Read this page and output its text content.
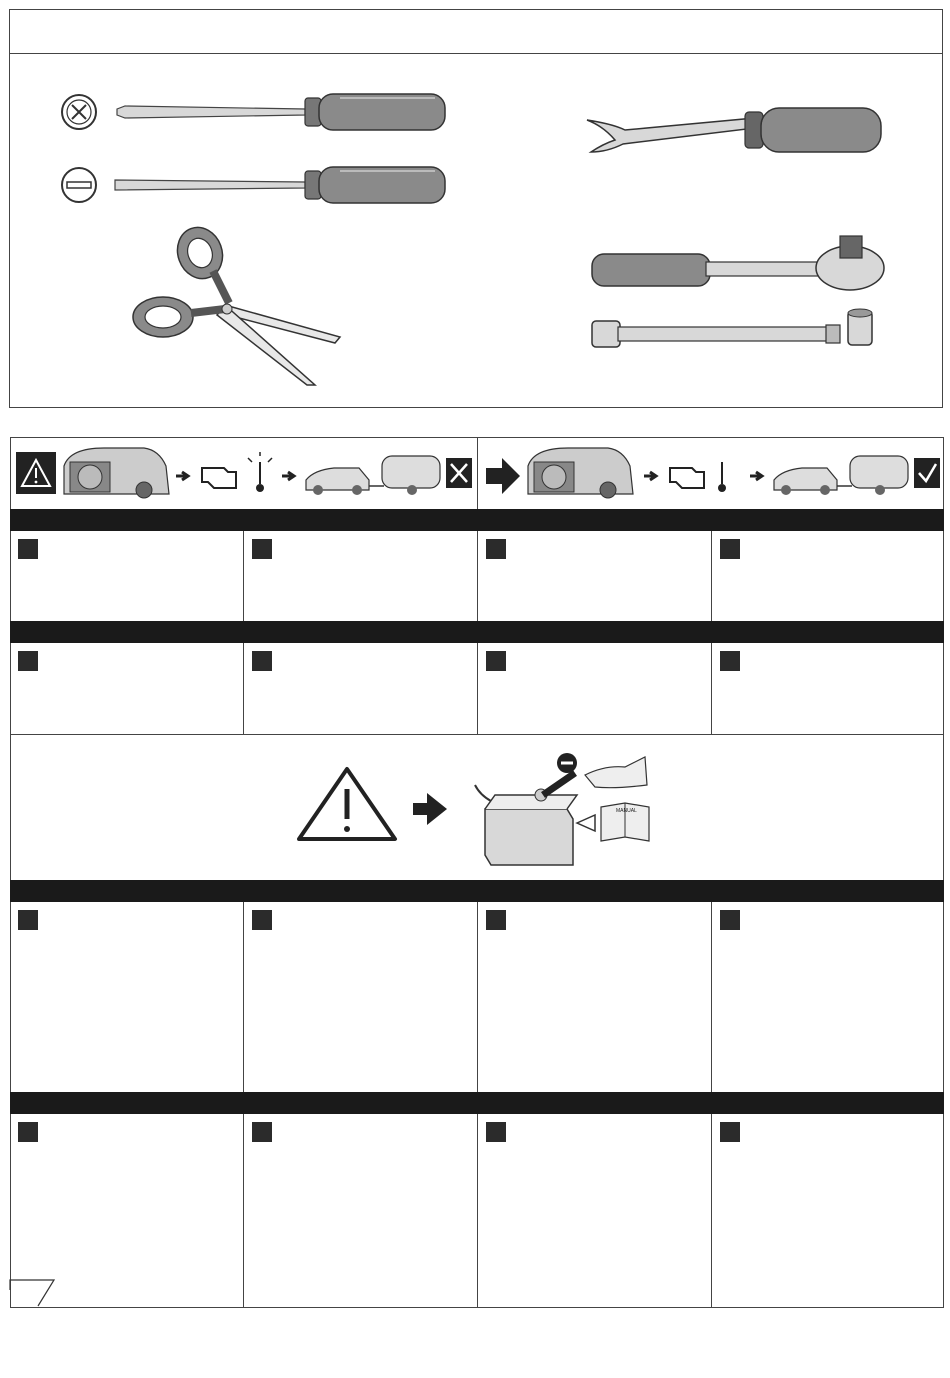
MANUAL
